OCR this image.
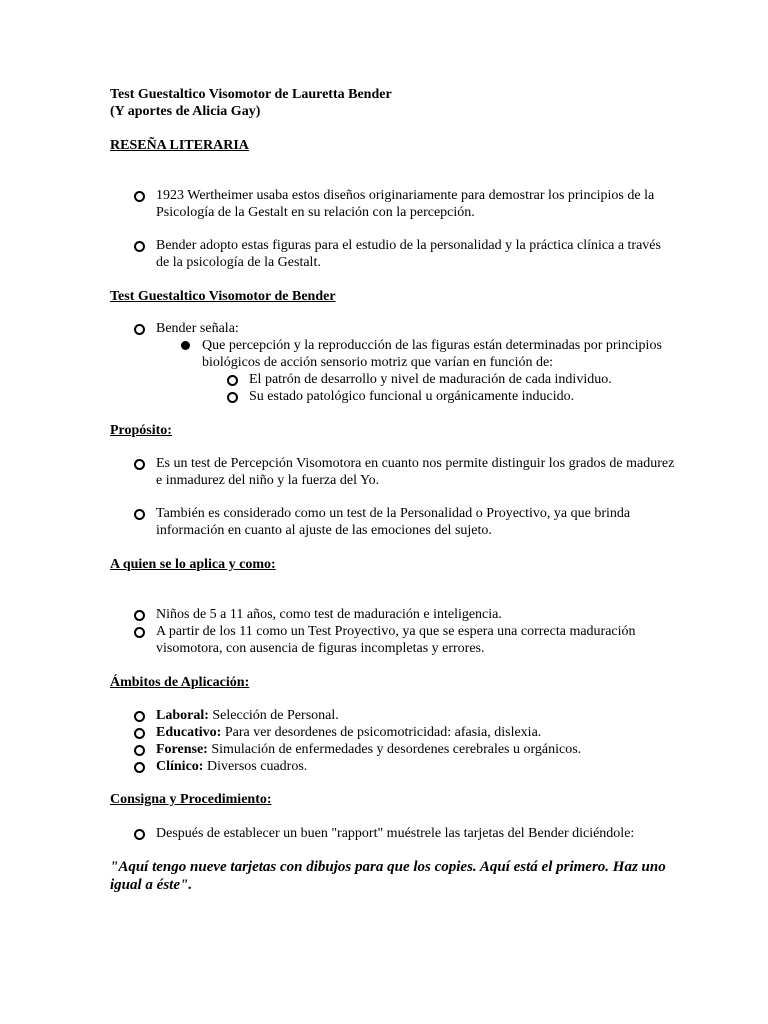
Test Guestaltico Visomotor de Lauretta Bender
(Y aportes de Alicia Gay)
RESEÑA LITERARIA
1923 Wertheimer usaba estos diseños originariamente para demostrar los principios de la Psicología de la Gestalt en su relación con la percepción.
Bender adopto estas figuras para el estudio de la personalidad y la práctica clínica a través de la psicología de la Gestalt.
Test Guestaltico Visomotor de Bender
Bender señala:
Que percepción y la reproducción de las figuras están determinadas por principios biológicos de acción sensorio motriz que varían en función de:
El patrón de desarrollo y nivel de maduración de cada individuo.
Su estado patológico funcional u orgánicamente inducido.
Propósito:
Es un test de Percepción Visomotora en cuanto nos permite distinguir los grados de madurez e inmadurez del niño y la fuerza del Yo.
También es considerado como un test de la Personalidad o Proyectivo, ya que brinda información en cuanto al ajuste de las emociones del sujeto.
A quien se lo aplica y como:
Niños de 5 a 11 años, como test de maduración e inteligencia.
A partir de los 11 como un Test Proyectivo, ya que se espera una correcta maduración visomotora, con ausencia de figuras incompletas y errores.
Ámbitos de Aplicación:
Laboral: Selección de Personal.
Educativo: Para ver desordenes de psicomotricidad: afasia, dislexia.
Forense: Simulación de enfermedades y desordenes cerebrales u orgánicos.
Clínico: Diversos cuadros.
Consigna y Procedimiento:
Después de establecer un buen "rapport" muéstrele las tarjetas del Bender diciéndole:
"Aquí tengo nueve tarjetas con dibujos para que los copies. Aquí está el primero. Haz uno igual a éste".
